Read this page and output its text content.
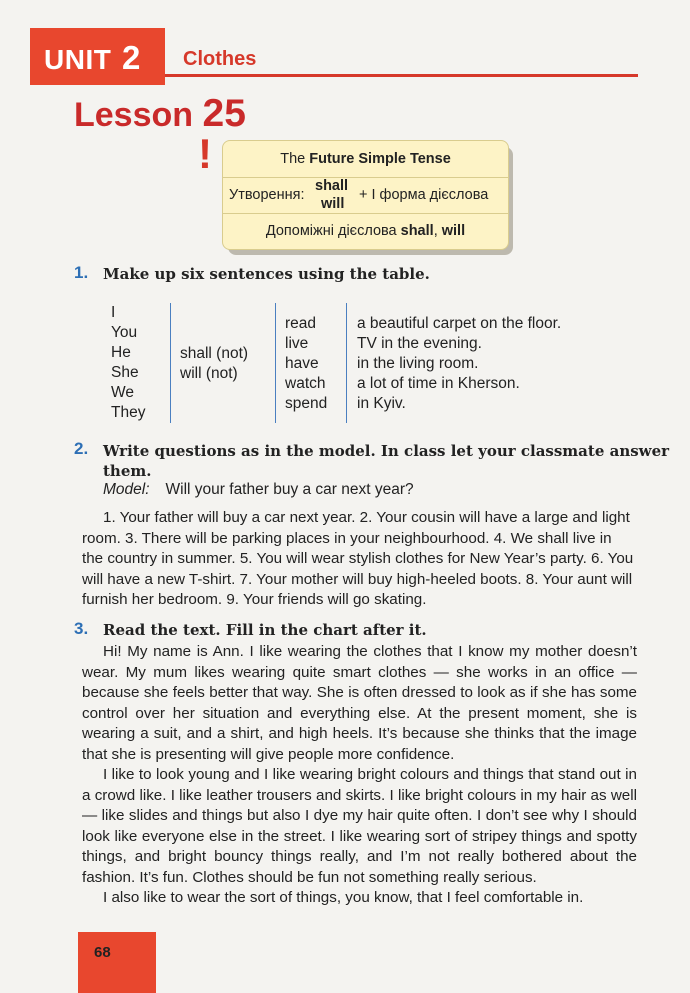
UNIT 2 Clothes
Lesson 25
!	The Future Simple Tense
Утворення:
shall
will
+ I форма дієслова
Допоміжні дієслова shall, will
1. Make up six sentences using the table.
I
You
He
She
We
They
shall (not)
will (not)
read
live
have
watch
spend
a beautiful carpet on the floor.
TV in the evening.
in the living room.
a lot of time in Kherson.
in Kyiv.
2. Write questions as in the model. In class let your classmate answer
them.
Model: Will your father buy a car next year?
1. Your father will buy a car next year. 2. Your cousin will have a large and light
room. 3. There will be parking places in your neighbourhood. 4. We shall live in
the country in summer. 5. You will wear stylish clothes for New Year’s party. 6. You
will have a new T-shirt. 7. Your mother will buy high-heeled boots. 8. Your aunt will
furnish her bedroom. 9. Your friends will go skating.
3. Read the text. Fill in the chart after it.

Hi! My name is Ann. I like wearing the clothes that I know my mother doesn’t wear. My mum likes wearing quite smart clothes — she works in an office — because she feels better that way. She is often dressed to look as if she has some control over her situation and everything else. At the present moment, she is wearing a suit, and a shirt, and high heels. It’s because she thinks that the image that she is presenting will give people more confidence.

I like to look young and I like wearing bright colours and things that stand out in a crowd like. I like leather trousers and skirts. I like bright colours in my hair as well — like slides and things but also I dye my hair quite often. I don’t see why I should look like everyone else in the street. I like wearing sort of stripey things and spotty things, and bright bouncy things really, and I’m not really bothered about the fashion. It’s fun. Clothes should be fun not something really serious.

I also like to wear the sort of things, you know, that I feel comfortable in.

68
